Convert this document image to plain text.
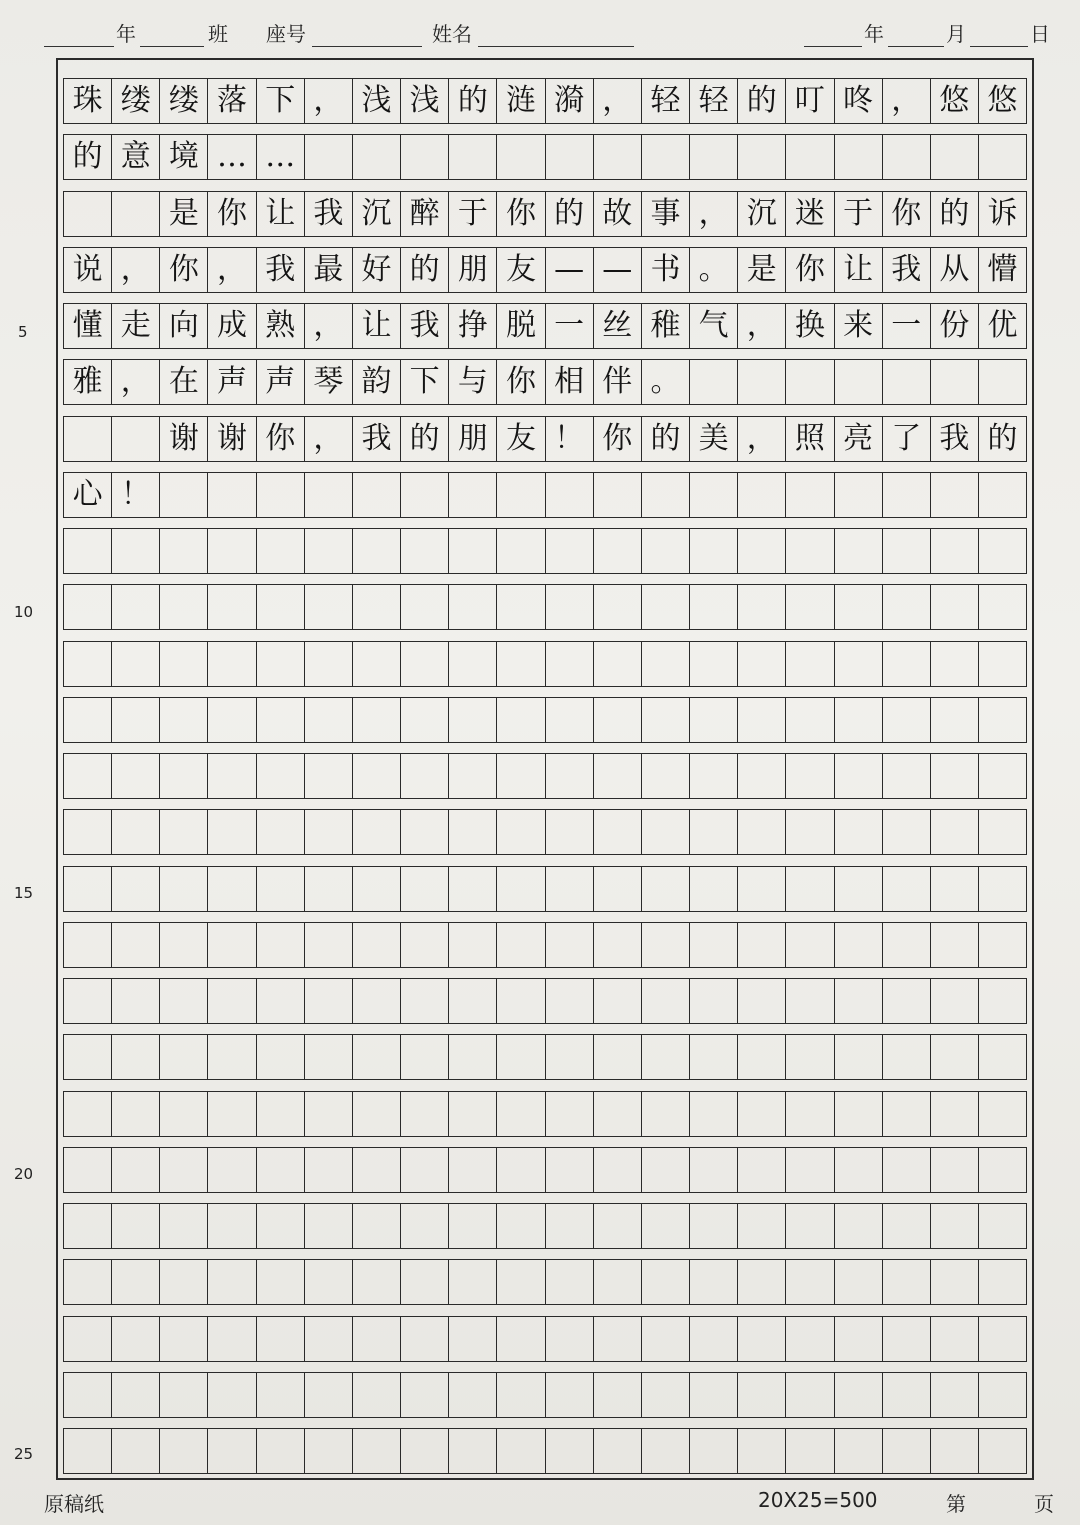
年	班 座号	姓名	年	月	日
珠 缕 缕 落 下 ， 浅 浅 的 涟 漪 ， 轻 轻 的 叮 咚 ， 悠 悠
的 意 境 … …
是 你 让 我 沉 醉 于 你 的 故 事 ， 沉 迷 于 你 的 诉
说 ， 你 ， 我 最 好 的 朋 友 — — 书 。 是 你 让 我 从 懵
懂 走 向 成 熟 ， 让 我 挣 脱 一 丝 稚 气 ， 换 来 一 份 优
雅 ， 在 声 声 琴 韵 下 与 你 相 伴 。
谢 谢 你 ， 我 的 朋 友 ！ 你 的 美 ， 照 亮 了 我 的
心 ！
5
10
15
20
25
原稿纸	20X25=500	第	页
